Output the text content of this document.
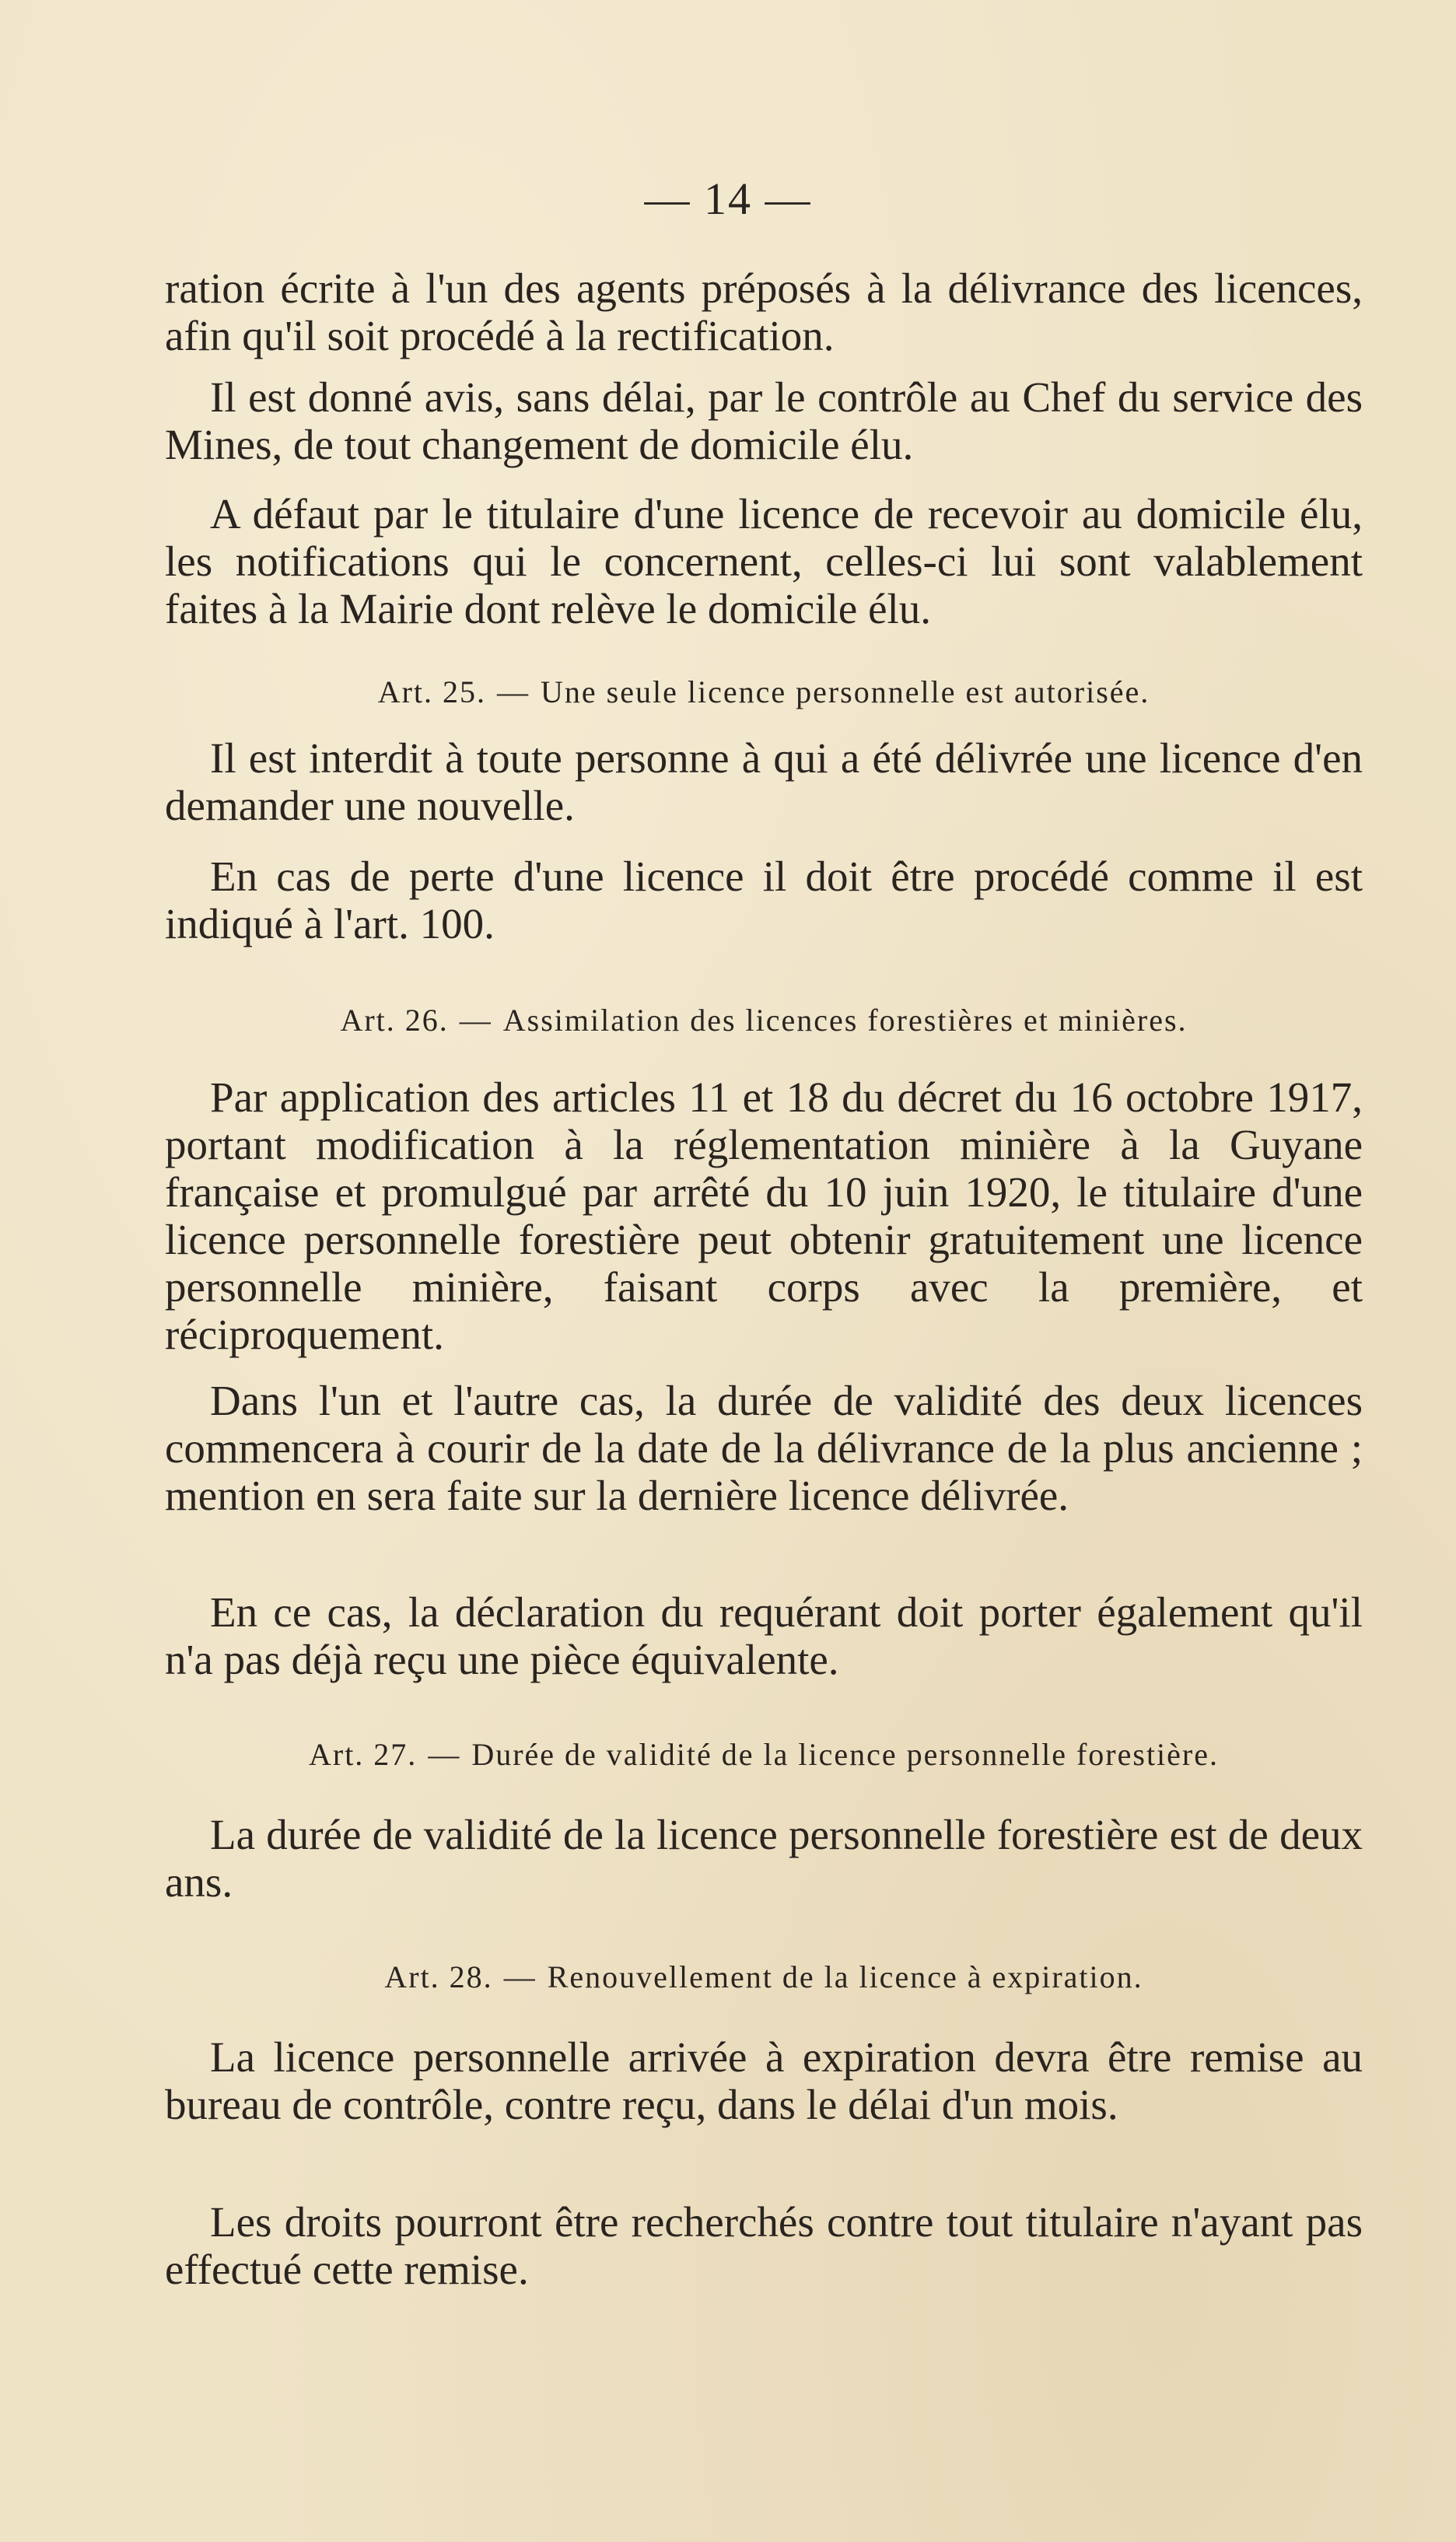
— 14 —

ration écrite à l'un des agents préposés à la délivrance des licences, afin qu'il soit procédé à la rectification.

Il est donné avis, sans délai, par le contrôle au Chef du service des Mines, de tout changement de domicile élu.

A défaut par le titulaire d'une licence de recevoir au domicile élu, les notifications qui le concernent, celles-ci lui sont valablement faites à la Mairie dont relève le domicile élu.

Art. 25. — Une seule licence personnelle est autorisée.

Il est interdit à toute personne à qui a été délivrée une licence d'en demander une nouvelle.

En cas de perte d'une licence il doit être procédé comme il est indiqué à l'art. 100.

Art. 26. — Assimilation des licences forestières et minières.

Par application des articles 11 et 18 du décret du 16 octobre 1917, portant modification à la réglementation minière à la Guyane française et promulgué par arrêté du 10 juin 1920, le titulaire d'une licence personnelle forestière peut obtenir gratuitement une licence personnelle minière, faisant corps avec la première, et réciproquement.

Dans l'un et l'autre cas, la durée de validité des deux licences commencera à courir de la date de la délivrance de la plus ancienne ; mention en sera faite sur la dernière licence délivrée.

En ce cas, la déclaration du requérant doit porter également qu'il n'a pas déjà reçu une pièce équivalente.

Art. 27. — Durée de validité de la licence personnelle forestière.

La durée de validité de la licence personnelle forestière est de deux ans.

Art. 28. — Renouvellement de la licence à expiration.

La licence personnelle arrivée à expiration devra être remise au bureau de contrôle, contre reçu, dans le délai d'un mois.

Les droits pourront être recherchés contre tout titulaire n'ayant pas effectué cette remise.
